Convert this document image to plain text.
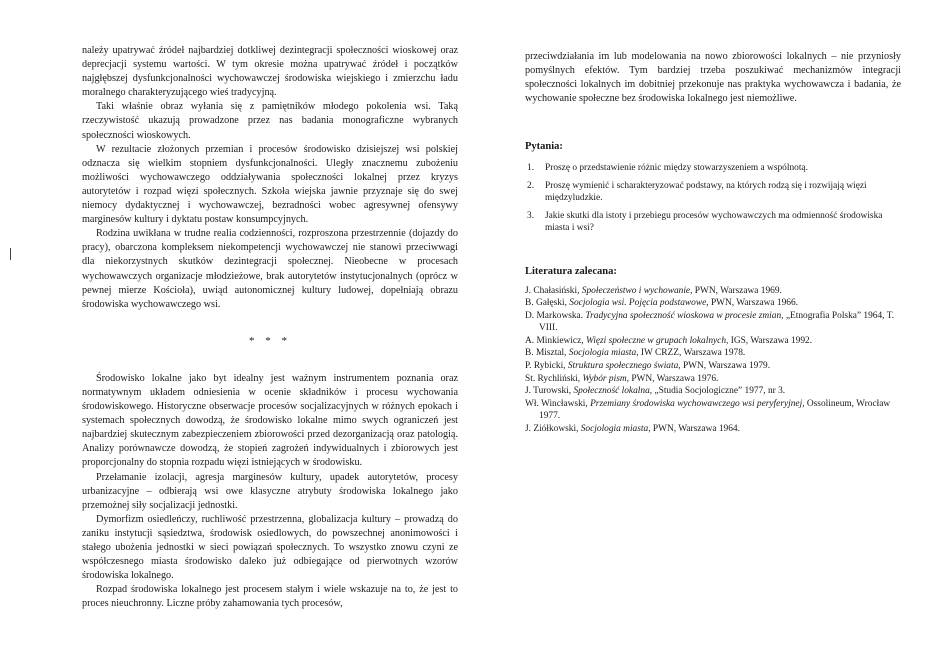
należy upatrywać źródeł najbardziej dotkliwej dezintegracji społeczności wioskowej oraz deprecjacji systemu wartości. W tym okresie można upatrywać źródeł i początków najgłębszej dysfunkcjonalności wychowawczej środowiska wiejskiego i zmierzchu ładu moralnego charakteryzującego wieś tradycyjną.

Taki właśnie obraz wyłania się z pamiętników młodego pokolenia wsi. Taką rzeczywistość ukazują prowadzone przez nas badania monograficzne wybranych społeczności wioskowych.

W rezultacie złożonych przemian i procesów środowisko dzisiejszej wsi polskiej odznacza się wielkim stopniem dysfunkcjonalności. Uległy znacznemu zubożeniu możliwości wychowawczego oddziaływania społeczności lokalnej przez kryzys autorytetów i rozpad więzi społecznych. Szkoła wiejska jawnie przyznaje się do swej niemocy dydaktycznej i wychowawczej, bezradności wobec agresywnej ofensywy marginesów kultury i dyktatu postaw konsumpcyjnych.

Rodzina uwikłana w trudne realia codzienności, rozproszona przestrzennie (dojazdy do pracy), obarczona kompleksem niekompetencji wychowawczej nie stanowi przeciwwagi dla niekorzystnych skutków dezintegracji społecznej. Nieobecne w procesach wychowawczych organizacje młodzieżowe, brak autorytetów instytucjonalnych (oprócz w pewnej mierze Kościoła), uwiąd autonomicznej kultury ludowej, dopełniają obrazu środowiska wychowawczego wsi.

* * *

Środowisko lokalne jako byt idealny jest ważnym instrumentem poznania oraz normatywnym układem odniesienia w ocenie składników i procesu wychowania środowiskowego. Historyczne obserwacje procesów socjalizacyjnych w różnych epokach i systemach społecznych dowodzą, że środowisko lokalne mimo swych ograniczeń jest najbardziej skutecznym zabezpieczeniem zbiorowości przed dezorganizacją oraz patologią. Analizy porównawcze dowodzą, że stopień zagrożeń indywidualnych i zbiorowych jest proporcjonalny do stopnia rozpadu więzi istniejących w środowisku.

Przełamanie izolacji, agresja marginesów kultury, upadek autorytetów, procesy urbanizacyjne – odbierają wsi owe klasyczne atrybuty środowiska lokalnego jako przemożnej siły socjalizacji jednostki.

Dymorfizm osiedleńczy, ruchliwość przestrzenna, globalizacja kultury – prowadzą do zaniku instytucji sąsiedztwa, środowisk osiedlowych, do powszechnej anonimowości i stałego ubożenia jednostki w sieci powiązań społecznych. To wszystko znowu czyni ze współczesnego miasta środowisko daleko już odbiegające od pierwotnych wzorów środowiska lokalnego.

Rozpad środowiska lokalnego jest procesem stałym i wiele wskazuje na to, że jest to proces nieuchronny. Liczne próby zahamowania tych procesów,

przeciwdziałania im lub modelowania na nowo zbiorowości lokalnych – nie przyniosły pomyślnych efektów. Tym bardziej trzeba poszukiwać mechanizmów integracji społeczności lokalnych im dobitniej przekonuje nas praktyka wychowawcza i badania, że wychowanie społeczne bez środowiska lokalnego jest niemożliwe.

Pytania:

1. Proszę o przedstawienie różnic między stowarzyszeniem a wspólnotą.
2. Proszę wymienić i scharakteryzować podstawy, na których rodzą się i rozwijają więzi międzyludzkie.
3. Jakie skutki dla istoty i przebiegu procesów wychowawczych ma odmienność środowiska miasta i wsi?

Literatura zalecana:

J. Chałasiński, Społeczeństwo i wychowanie, PWN, Warszawa 1969.
B. Gałęski, Socjologia wsi. Pojęcia podstawowe, PWN, Warszawa 1966.
D. Markowska. Tradycyjna społeczność wioskowa w procesie zmian, „Etnografia Polska” 1964, T. VIII.
A. Minkiewicz, Więzi społeczne w grupach lokalnych, IGS, Warszawa 1992.
B. Misztal, Socjologia miasta, IW CRZZ, Warszawa 1978.
P. Rybicki, Struktura społecznego świata, PWN, Warszawa 1979.
St. Rychliński, Wybór pism, PWN, Warszawa 1976.
J. Turowski, Społeczność lokalna, „Studia Socjologiczne” 1977, nr 3.
Wł. Wincławski, Przemiany środowiska wychowawczego wsi peryferyjnej, Ossolineum, Wrocław 1977.
J. Ziółkowski, Socjologia miasta, PWN, Warszawa 1964.
